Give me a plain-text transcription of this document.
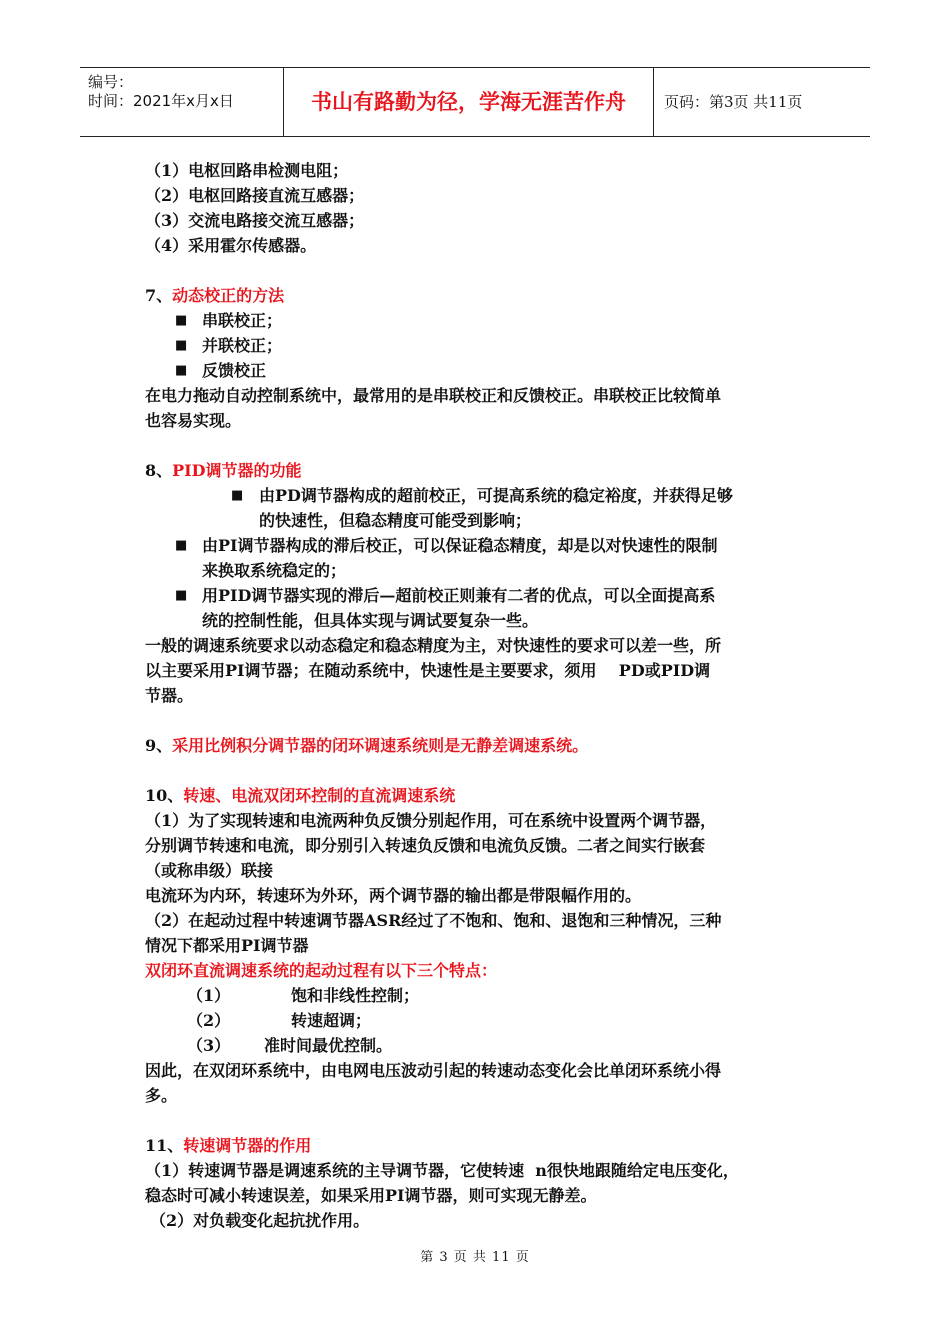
编号：
时间：2021年x月x日	书山有路勤为径，学海无涯苦作舟	页码：第3页 共11页

（1）电枢回路串检测电阻；

（2）电枢回路接直流互感器；

（3）交流电路接交流互感器；

（4）采用霍尔传感器。

7、动态校正的方法

■ 串联校正；

■ 并联校正；

■ 反馈校正

在电力拖动自动控制系统中，最常用的是串联校正和反馈校正。串联校正比较简单

也容易实现。

8、PID调节器的功能

■ 由PD调节器构成的超前校正，可提高系统的稳定裕度，并获得足够

的快速性，但稳态精度可能受到影响；

■ 由PI调节器构成的滞后校正，可以保证稳态精度，却是以对快速性的限制

来换取系统稳定的；

■ 用PID调节器实现的滞后—超前校正则兼有二者的优点，可以全面提高系

统的控制性能，但具体实现与调试要复杂一些。

一般的调速系统要求以动态稳定和稳态精度为主，对快速性的要求可以差一些，所

以主要采用PI调节器；在随动系统中，快速性是主要要求，须用    PD或PID调

节器。

9、采用比例积分调节器的闭环调速系统则是无静差调速系统。

10、转速、电流双闭环控制的直流调速系统

（1）为了实现转速和电流两种负反馈分别起作用，可在系统中设置两个调节器，

分别调节转速和电流，即分别引入转速负反馈和电流负反馈。二者之间实行嵌套

（或称串级）联接

电流环为内环，转速环为外环，两个调节器的输出都是带限幅作用的。

（2）在起动过程中转速调节器ASR经过了不饱和、饱和、退饱和三种情况，三种

情况下都采用PI调节器

双闭环直流调速系统的起动过程有以下三个特点：

（1）	饱和非线性控制；
（2）	转速超调；
（3） 准时间最优控制。

因此，在双闭环系统中，由电网电压波动引起的转速动态变化会比单闭环系统小得

多。

11、转速调节器的作用

（1）转速调节器是调速系统的主导调节器，它使转速  n很快地跟随给定电压变化，

稳态时可减小转速误差，如果采用PI调节器，则可实现无静差。

（2）对负载变化起抗扰作用。

第 3 页 共 11 页
